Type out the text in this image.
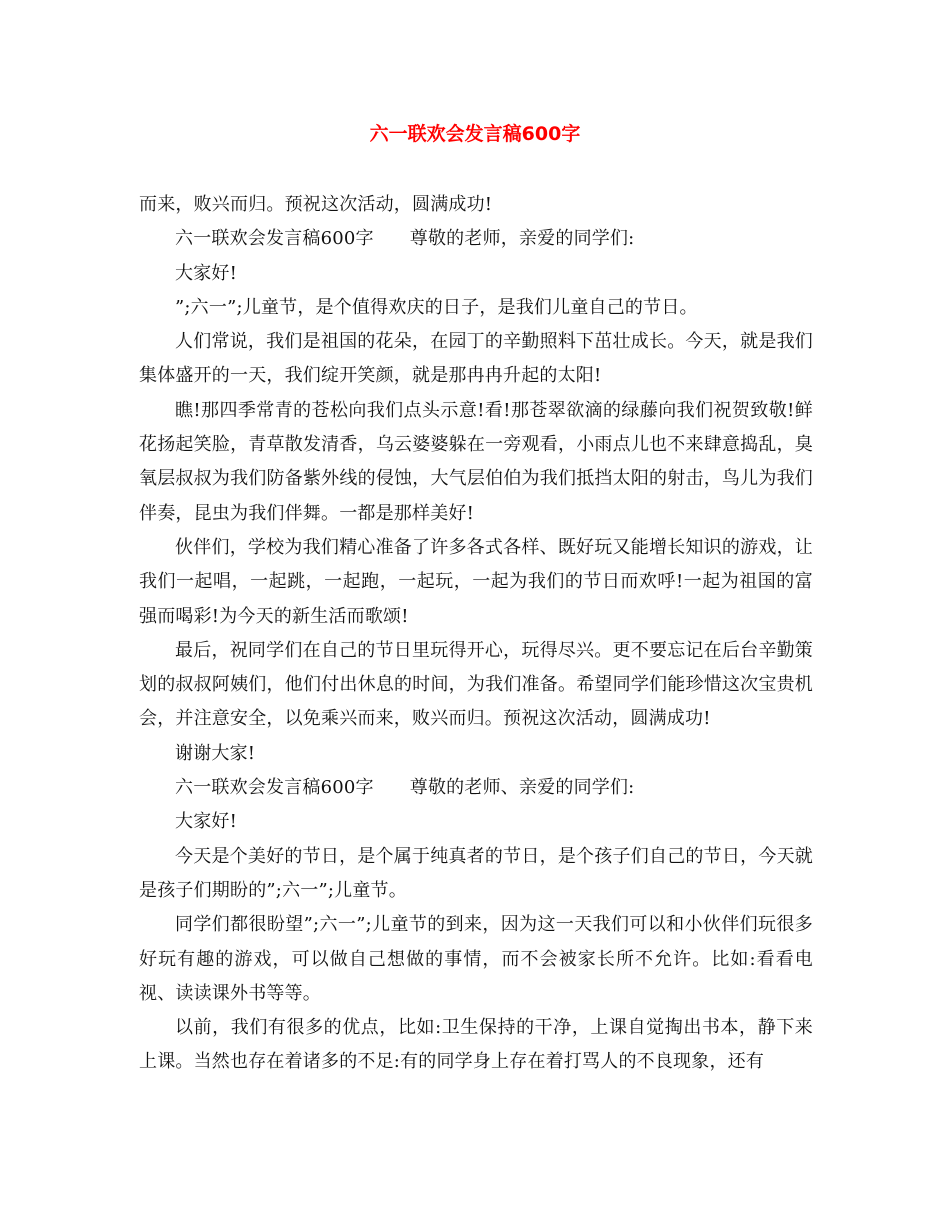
六一联欢会发言稿600字

而来，败兴而归。预祝这次活动，圆满成功!

六一联欢会发言稿600字 尊敬的老师，亲爱的同学们:

大家好!

”;六一”;儿童节，是个值得欢庆的日子，是我们儿童自己的节日。

人们常说，我们是祖国的花朵，在园丁的辛勤照料下茁壮成长。今天，就是我们集体盛开的一天，我们绽开笑颜，就是那冉冉升起的太阳!

瞧!那四季常青的苍松向我们点头示意!看!那苍翠欲滴的绿藤向我们祝贺致敬!鲜花扬起笑脸，青草散发清香，乌云婆婆躲在一旁观看，小雨点儿也不来肆意捣乱，臭氧层叔叔为我们防备紫外线的侵蚀，大气层伯伯为我们抵挡太阳的射击，鸟儿为我们伴奏，昆虫为我们伴舞。一都是那样美好!

伙伴们，学校为我们精心准备了许多各式各样、既好玩又能增长知识的游戏，让我们一起唱，一起跳，一起跑，一起玩，一起为我们的节日而欢呼!一起为祖国的富强而喝彩!为今天的新生活而歌颂!

最后，祝同学们在自己的节日里玩得开心，玩得尽兴。更不要忘记在后台辛勤策划的叔叔阿姨们，他们付出休息的时间，为我们准备。希望同学们能珍惜这次宝贵机会，并注意安全，以免乘兴而来，败兴而归。预祝这次活动，圆满成功!

谢谢大家!

六一联欢会发言稿600字 尊敬的老师、亲爱的同学们:

大家好!

今天是个美好的节日，是个属于纯真者的节日，是个孩子们自己的节日，今天就是孩子们期盼的”;六一”;儿童节。

同学们都很盼望”;六一”;儿童节的到来，因为这一天我们可以和小伙伴们玩很多好玩有趣的游戏，可以做自己想做的事情，而不会被家长所不允许。比如:看看电视、读读课外书等等。

以前，我们有很多的优点，比如:卫生保持的干净，上课自觉掏出书本，静下来上课。当然也存在着诸多的不足:有的同学身上存在着打骂人的不良现象，还有
